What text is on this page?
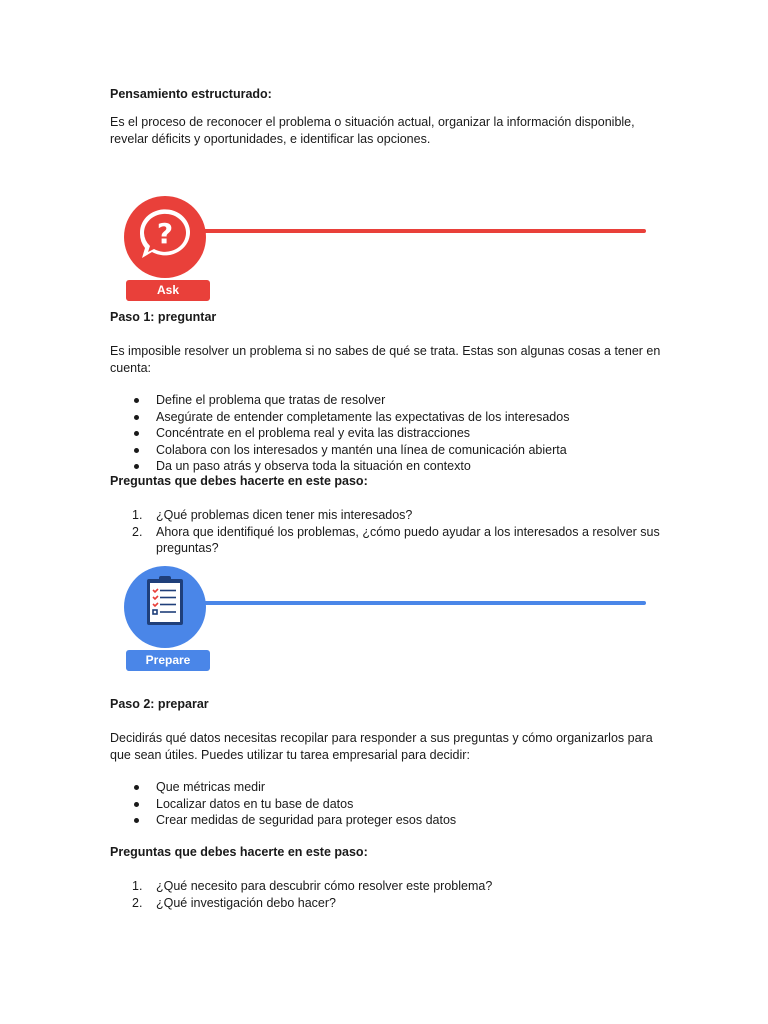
Pensamiento estructurado:

Es el proceso de reconocer el problema o situación actual, organizar la información disponible, revelar déficits y oportunidades, e identificar las opciones.

?
Ask

Paso 1: preguntar

Es imposible resolver un problema si no sabes de qué se trata. Estas son algunas cosas a tener en cuenta:

Define el problema que tratas de resolver
Asegúrate de entender completamente las expectativas de los interesados
Concéntrate en el problema real y evita las distracciones
Colabora con los interesados y mantén una línea de comunicación abierta
Da un paso atrás y observa toda la situación en contexto

Preguntas que debes hacerte en este paso:

1. ¿Qué problemas dicen tener mis interesados?
2. Ahora que identifiqué los problemas, ¿cómo puedo ayudar a los interesados a resolver sus preguntas?
Prepare

Paso 2: preparar

Decidirás qué datos necesitas recopilar para responder a sus preguntas y cómo organizarlos para que sean útiles. Puedes utilizar tu tarea empresarial para decidir:

Que métricas medir
Localizar datos en tu base de datos
Crear medidas de seguridad para proteger esos datos

Preguntas que debes hacerte en este paso:

1. ¿Qué necesito para descubrir cómo resolver este problema?
2. ¿Qué investigación debo hacer?
